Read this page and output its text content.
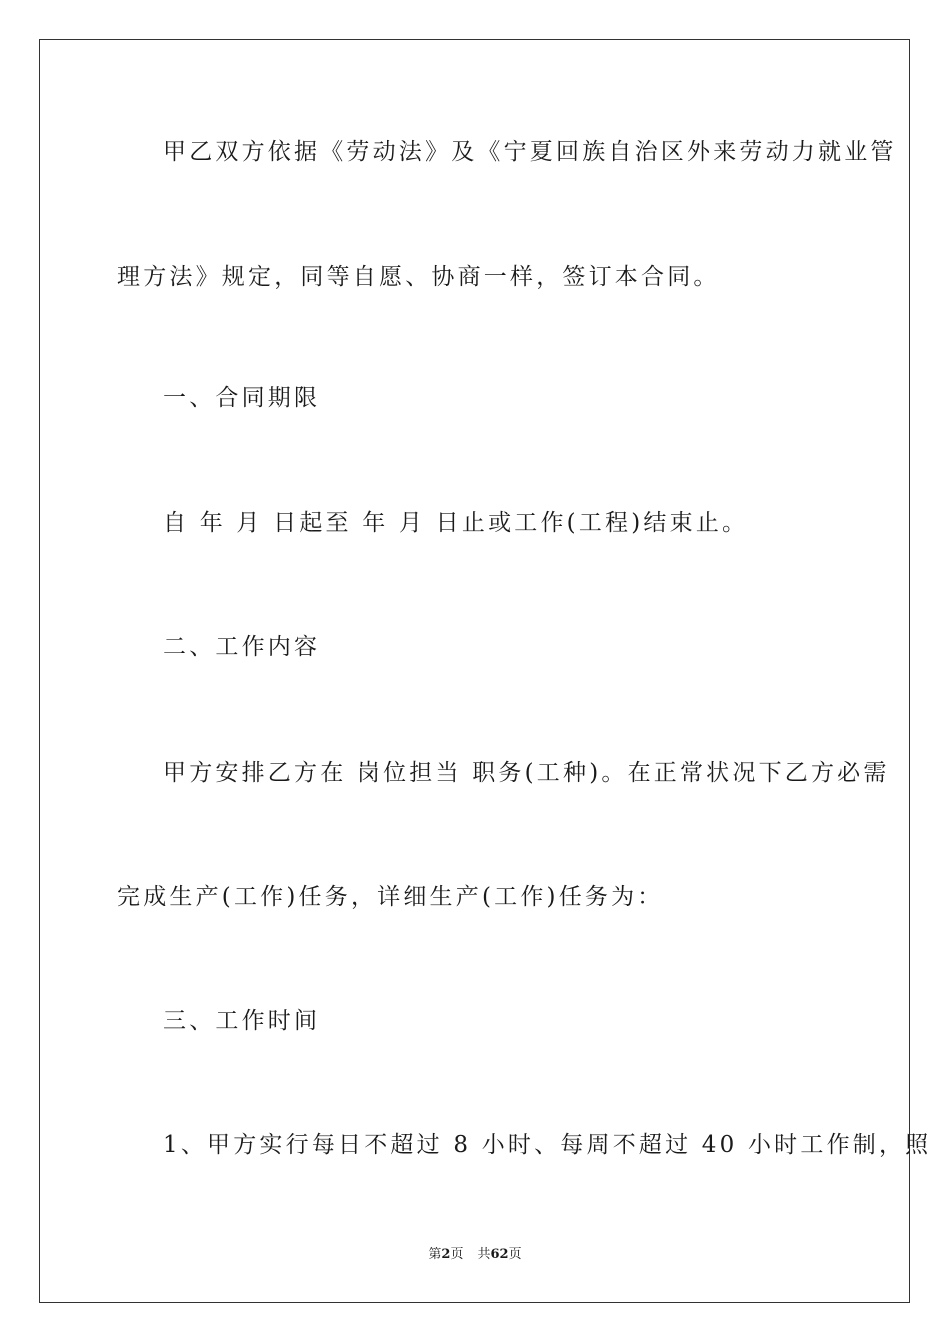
甲乙双方依据《劳动法》及《宁夏回族自治区外来劳动力就业管
理方法》规定，同等自愿、协商一样，签订本合同。
一、合同期限
自 年 月 日起至 年 月 日止或工作(工程)结束止。
二、工作内容
甲方安排乙方在 岗位担当 职务(工种)。在正常状况下乙方必需
完成生产(工作)任务，详细生产(工作)任务为：
三、工作时间
1、甲方实行每日不超过 8 小时、每周不超过 40 小时工作制，照
第2页 共62页
